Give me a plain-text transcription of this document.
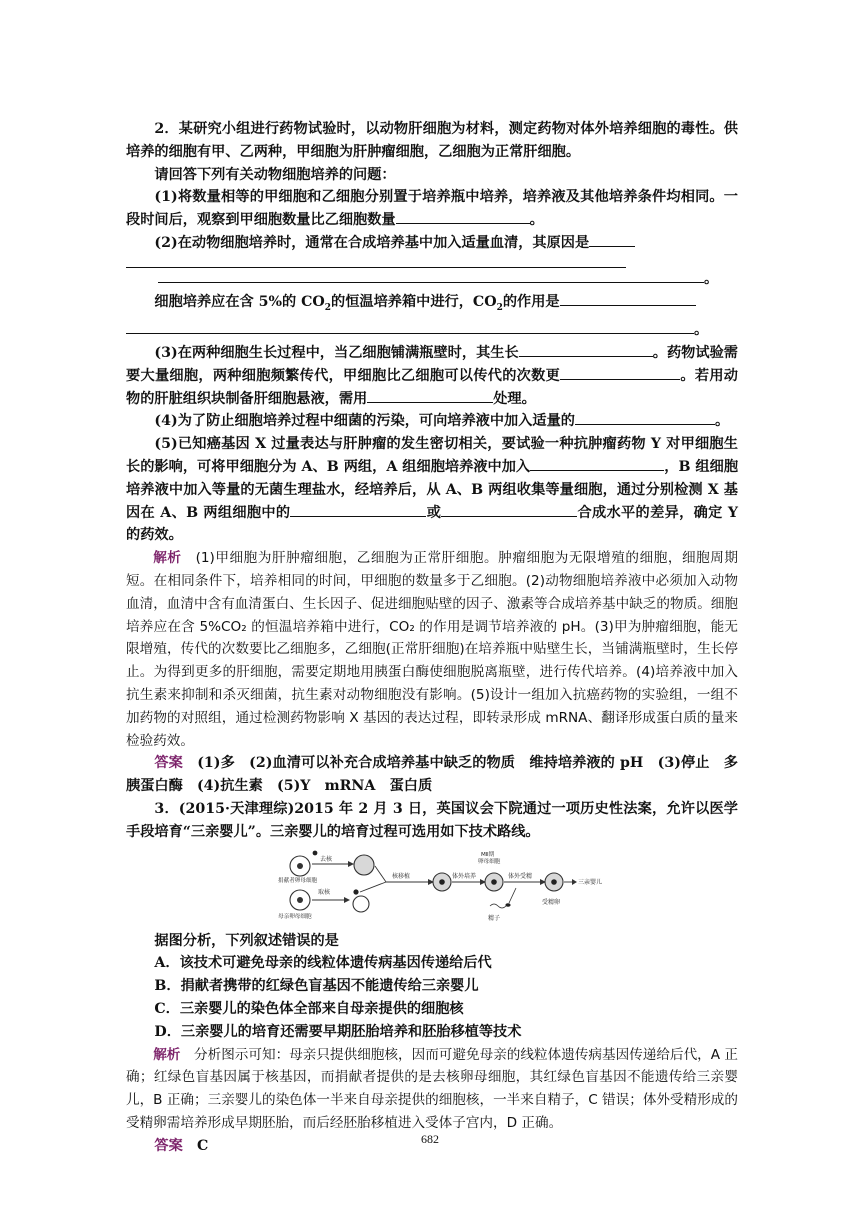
2．某研究小组进行药物试验时，以动物肝细胞为材料，测定药物对体外培养细胞的毒性。供培养的细胞有甲、乙两种，甲细胞为肝肿瘤细胞，乙细胞为正常肝细胞。

请回答下列有关动物细胞培养的问题：

(1)将数量相等的甲细胞和乙细胞分别置于培养瓶中培养，培养液及其他培养条件均相同。一段时间后，观察到甲细胞数量比乙细胞数量	。

(2)在动物细胞培养时，通常在合成培养基中加入适量血清，其原因是

。

细胞培养应在含 5%的 $CO_2$的恒温培养箱中进行，$CO_2$的作用是

。

(3)在两种细胞生长过程中，当乙细胞铺满瓶壁时，其生长	。药物试验需要大量细胞，两种细胞频繁传代，甲细胞比乙细胞可以传代的次数更	。若用动物的肝脏组织块制备肝细胞悬液，需用	处理。

(4)为了防止细胞培养过程中细菌的污染，可向培养液中加入适量的	。

(5)已知癌基因 X 过量表达与肝肿瘤的发生密切相关，要试验一种抗肿瘤药物 Y 对甲细胞生长的影响，可将甲细胞分为 A、B 两组，A 组细胞培养液中加入	，B 组细胞培养液中加入等量的无菌生理盐水，经培养后，从 A、B 两组收集等量细胞，通过分别检测 X 基因在 A、B 两组细胞中的	或	合成水平的差异，确定 Y 的药效。

解析　 (1)甲细胞为肝肿瘤细胞，乙细胞为正常肝细胞。肿瘤细胞为无限增殖的细胞，细胞周期短。在相同条件下，培养相同的时间，甲细胞的数量多于乙细胞。(2)动物细胞培养液中必须加入动物血清，血清中含有血清蛋白、生长因子、促进细胞贴壁的因子、激素等合成培养基中缺乏的物质。细胞培养应在含 5%CO₂ 的恒温培养箱中进行，CO₂ 的作用是调节培养液的 pH。(3)甲为肿瘤细胞，能无限增殖，传代的次数要比乙细胞多，乙细胞(正常肝细胞)在培养瓶中贴壁生长，当铺满瓶壁时，生长停止。为得到更多的肝细胞，需要定期地用胰蛋白酶使细胞脱离瓶壁，进行传代培养。(4)培养液中加入抗生素来抑制和杀灭细菌，抗生素对动物细胞没有影响。(5)设计一组加入抗癌药物的实验组，一组不加药物的对照组，通过检测药物影响 X 基因的表达过程，即转录形成 mRNA、翻译形成蛋白质的量来检验药效。

答案　 (1)多　(2)血清可以补充合成培养基中缺乏的物质　维持培养液的 pH　(3)停止　多　胰蛋白酶　(4)抗生素　(5)Y　mRNA　蛋白质

3．(2015·天津理综)2015 年 2 月 3 日，英国议会下院通过一项历史性法案，允许以医学手段培育“三亲婴儿”。三亲婴儿的培育过程可选用如下技术路线。

去核
捐献者卵母细胞
取核
母亲卵母细胞
核移植	体外培养
MⅡ期
卵母细胞
体外受精
精子
受精卵
三亲婴儿

据图分析，下列叙述错误的是

A．该技术可避免母亲的线粒体遗传病基因传递给后代

B．捐献者携带的红绿色盲基因不能遗传给三亲婴儿

C．三亲婴儿的染色体全部来自母亲提供的细胞核

D．三亲婴儿的培育还需要早期胚胎培养和胚胎移植等技术

解析　 分析图示可知：母亲只提供细胞核，因而可避免母亲的线粒体遗传病基因传递给后代，A 正确；红绿色盲基因属于核基因，而捐献者提供的是去核卵母细胞，其红绿色盲基因不能遗传给三亲婴儿，B 正确；三亲婴儿的染色体一半来自母亲提供的细胞核，一半来自精子，C 错误；体外受精形成的受精卵需培养形成早期胚胎，而后经胚胎移植进入受体子宫内，D 正确。

答案　 C	682
